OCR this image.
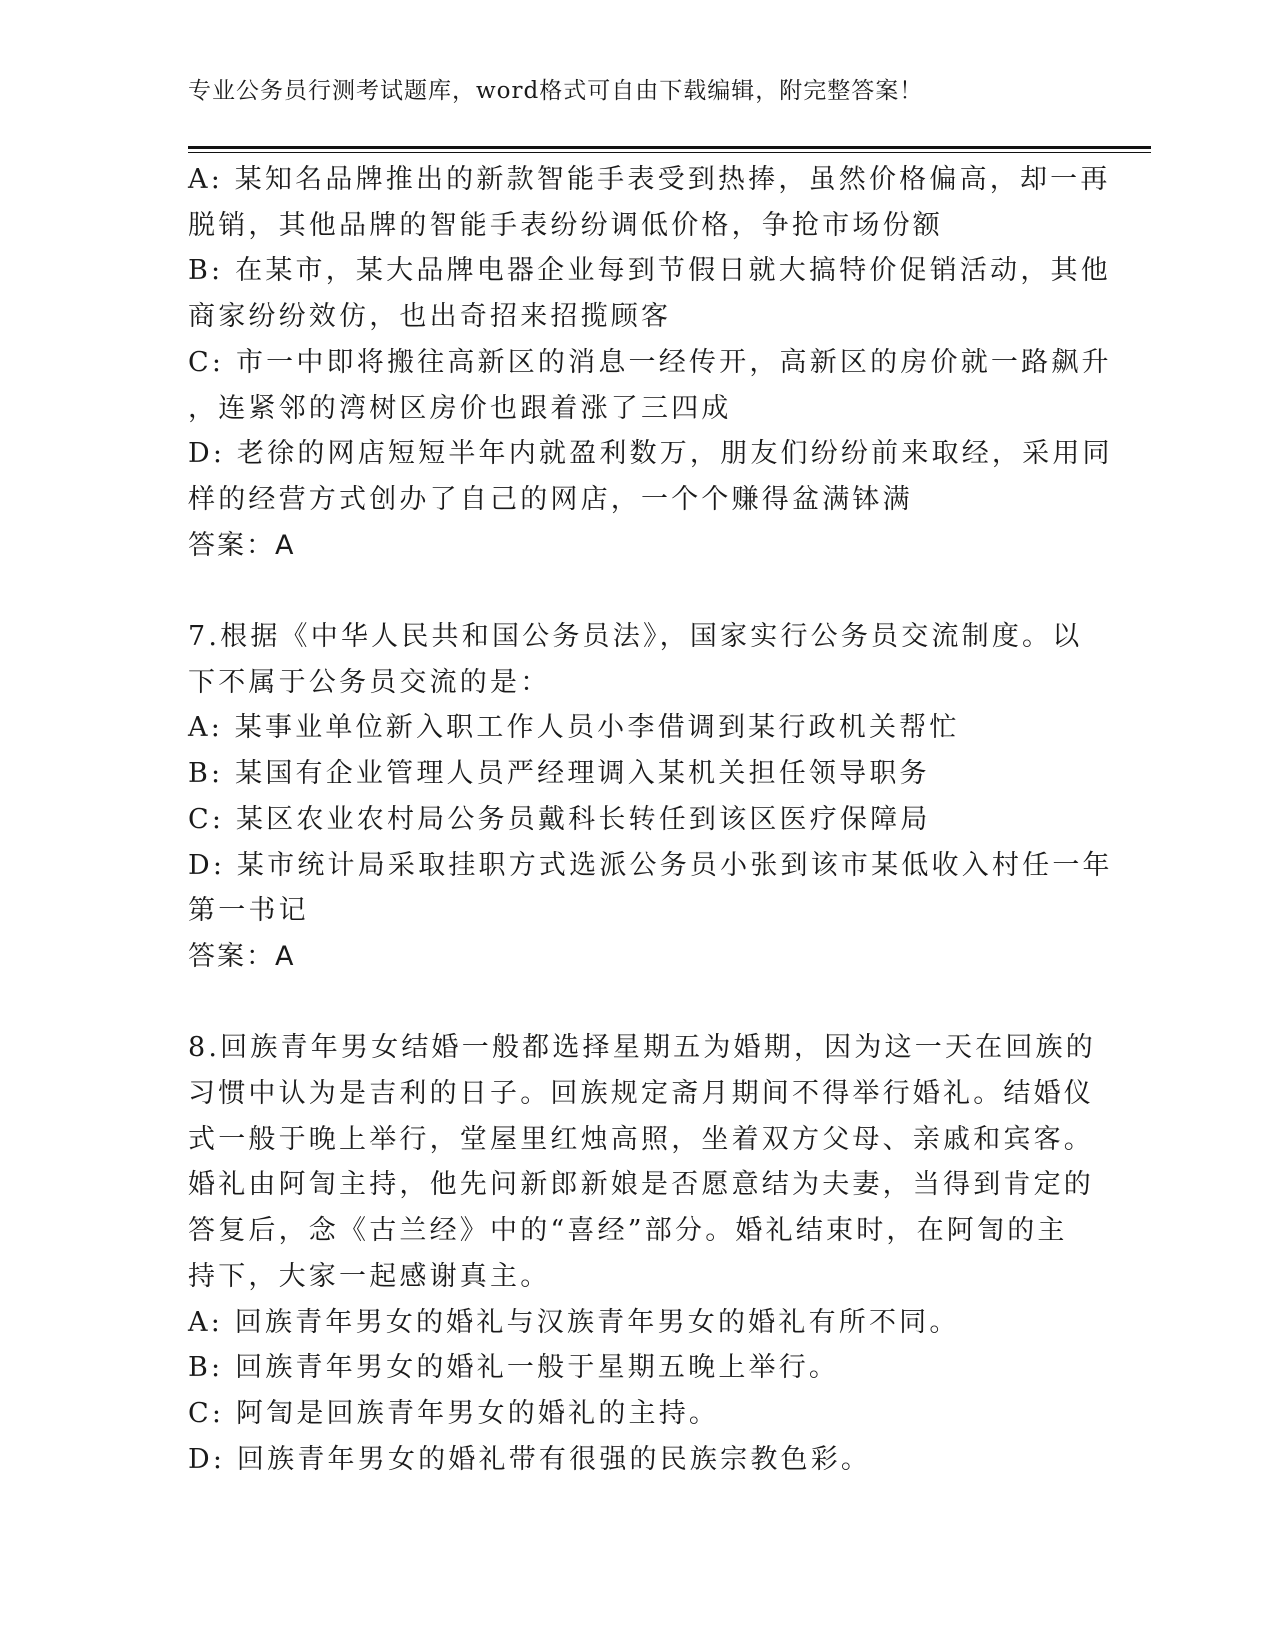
专业公务员行测考试题库，word格式可自由下载编辑，附完整答案！
A: 某知名品牌推出的新款智能手表受到热捧，虽然价格偏高，却一再
脱销，其他品牌的智能手表纷纷调低价格，争抢市场份额
B: 在某市，某大品牌电器企业每到节假日就大搞特价促销活动，其他
商家纷纷效仿，也出奇招来招揽顾客
C: 市一中即将搬往高新区的消息一经传开，高新区的房价就一路飙升
，连紧邻的湾树区房价也跟着涨了三四成
D: 老徐的网店短短半年内就盈利数万，朋友们纷纷前来取经，采用同
样的经营方式创办了自己的网店，一个个赚得盆满钵满
答案：A
7.根据《中华人民共和国公务员法》，国家实行公务员交流制度。以
下不属于公务员交流的是：
A: 某事业单位新入职工作人员小李借调到某行政机关帮忙
B: 某国有企业管理人员严经理调入某机关担任领导职务
C: 某区农业农村局公务员戴科长转任到该区医疗保障局
D: 某市统计局采取挂职方式选派公务员小张到该市某低收入村任一年
第一书记
答案：A
8.回族青年男女结婚一般都选择星期五为婚期，因为这一天在回族的
习惯中认为是吉利的日子。回族规定斋月期间不得举行婚礼。结婚仪
式一般于晚上举行，堂屋里红烛高照，坐着双方父母、亲戚和宾客。
婚礼由阿訇主持，他先问新郎新娘是否愿意结为夫妻，当得到肯定的
答复后，念《古兰经》中的“喜经”部分。婚礼结束时，在阿訇的主
持下，大家一起感谢真主。
A: 回族青年男女的婚礼与汉族青年男女的婚礼有所不同。
B: 回族青年男女的婚礼一般于星期五晚上举行。
C: 阿訇是回族青年男女的婚礼的主持。
D: 回族青年男女的婚礼带有很强的民族宗教色彩。
